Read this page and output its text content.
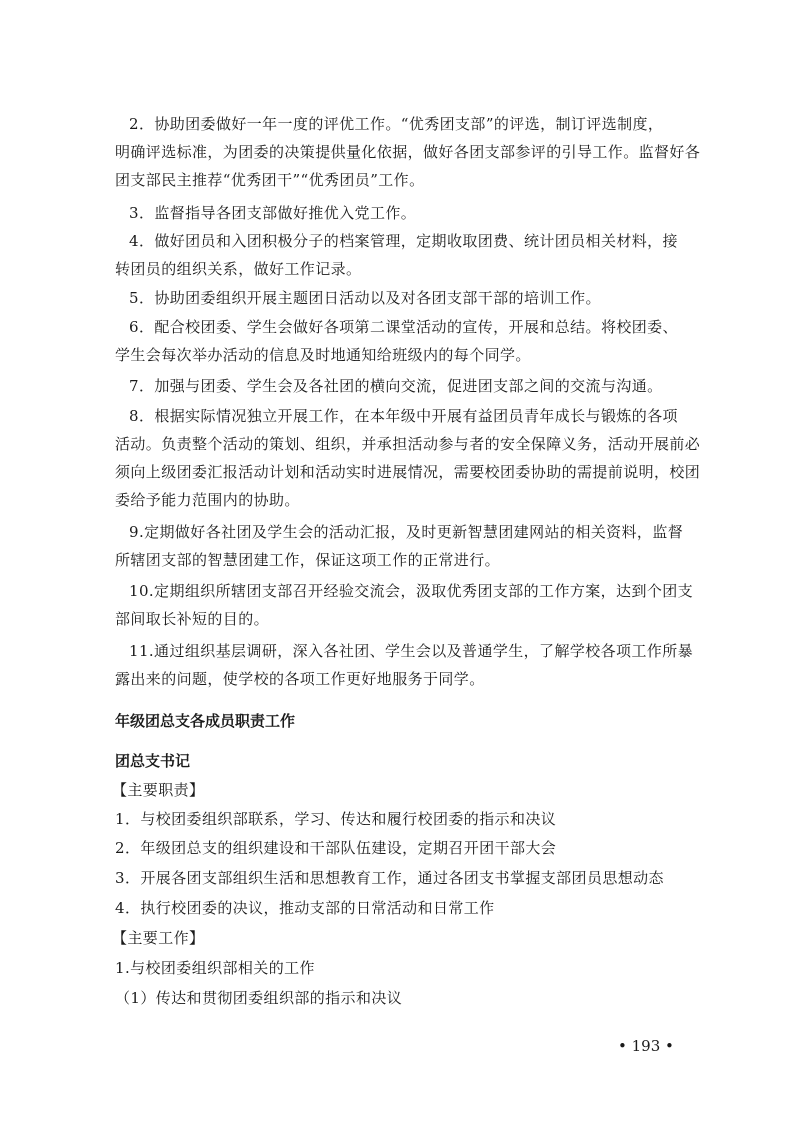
2．协助团委做好一年一度的评优工作。“优秀团支部”的评选，制订评选制度，
明确评选标准，为团委的决策提供量化依据，做好各团支部参评的引导工作。监督好各
团支部民主推荐“优秀团干”“优秀团员”工作。
3．监督指导各团支部做好推优入党工作。
4．做好团员和入团积极分子的档案管理，定期收取团费、统计团员相关材料，接
转团员的组织关系，做好工作记录。
5．协助团委组织开展主题团日活动以及对各团支部干部的培训工作。
6．配合校团委、学生会做好各项第二课堂活动的宣传，开展和总结。将校团委、
学生会每次举办活动的信息及时地通知给班级内的每个同学。
7．加强与团委、学生会及各社团的横向交流，促进团支部之间的交流与沟通。
8．根据实际情况独立开展工作，在本年级中开展有益团员青年成长与锻炼的各项
活动。负责整个活动的策划、组织，并承担活动参与者的安全保障义务，活动开展前必
须向上级团委汇报活动计划和活动实时进展情况，需要校团委协助的需提前说明，校团
委给予能力范围内的协助。
9.定期做好各社团及学生会的活动汇报，及时更新智慧团建网站的相关资料，监督
所辖团支部的智慧团建工作，保证这项工作的正常进行。
10.定期组织所辖团支部召开经验交流会，汲取优秀团支部的工作方案，达到个团支
部间取长补短的目的。
11.通过组织基层调研，深入各社团、学生会以及普通学生，了解学校各项工作所暴
露出来的问题，使学校的各项工作更好地服务于同学。
年级团总支各成员职责工作
团总支书记
【主要职责】
1．与校团委组织部联系，学习、传达和履行校团委的指示和决议
2．年级团总支的组织建设和干部队伍建设，定期召开团干部大会
3．开展各团支部组织生活和思想教育工作，通过各团支书掌握支部团员思想动态
4．执行校团委的决议，推动支部的日常活动和日常工作
【主要工作】
1.与校团委组织部相关的工作
（1）传达和贯彻团委组织部的指示和决议
• 193 •
